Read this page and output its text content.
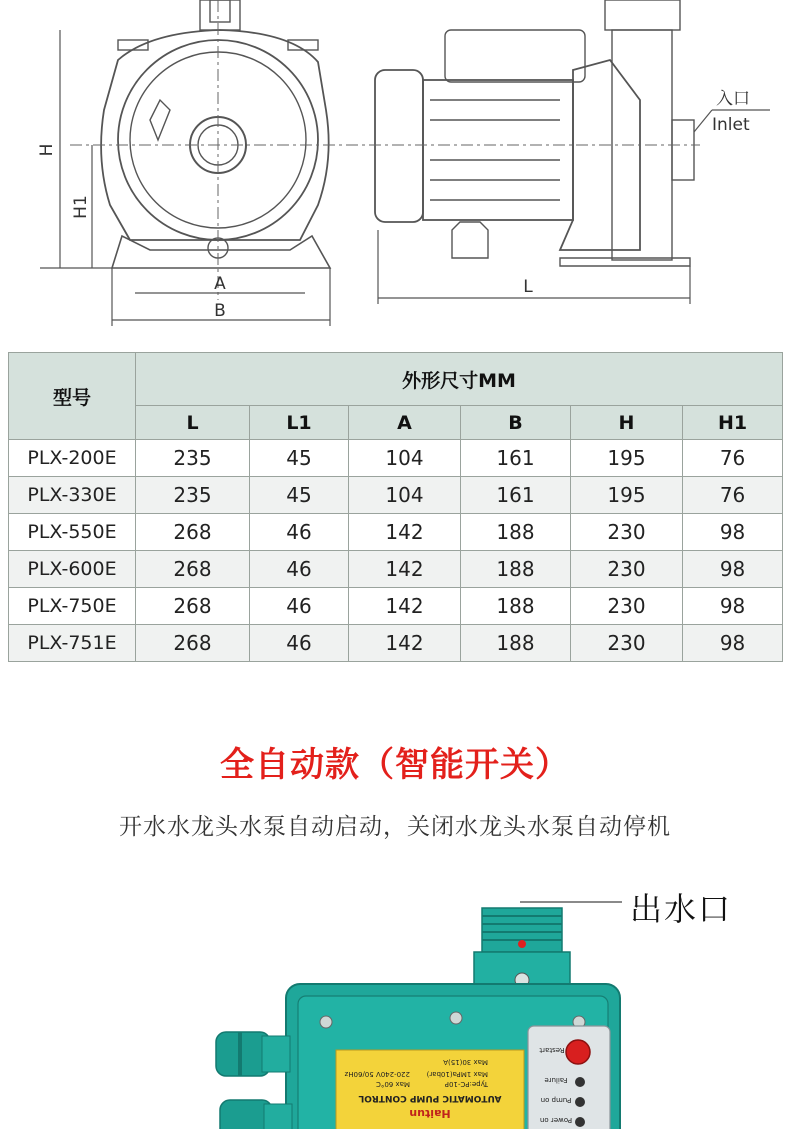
H
H1
A
B
L
入口
Inlet
型号	外形尺寸MM					
	L	L1	A	B	H	H1
PLX-200E	235	45	104	161	195	76
PLX-330E	235	45	104	161	195	76
PLX-550E	268	46	142	188	230	98
PLX-600E	268	46	142	188	230	98
PLX-750E	268	46	142	188	230	98
PLX-751E	268	46	142	188	230	98
全自动款（智能开关）
开水水龙头水泵自动启动，关闭水龙头水泵自动停机
Haitun
AUTOMATIC PUMP CONTROL
Type:PC-10P
Max 1MPa(10bar)
Max 60°C
220-240V 50/60Hz
Max 30(15)A
Restart
Failure
Pump on
Power on
出水口
